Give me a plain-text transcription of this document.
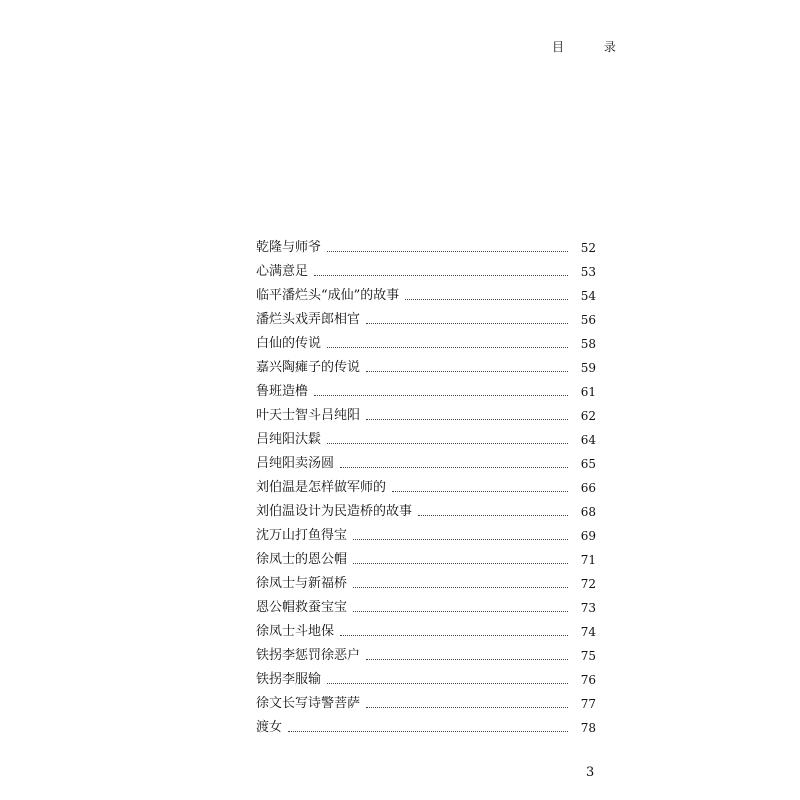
目 录
乾隆与师爷	52
心满意足	53
临平潘烂头“成仙”的故事	54
潘烂头戏弄郎相官	56
白仙的传说	58
嘉兴陶瘫子的传说	59
鲁班造橹	61
叶天士智斗吕纯阳	62
吕纯阳汏鬏	64
吕纯阳卖汤圆	65
刘伯温是怎样做军师的	66
刘伯温设计为民造桥的故事	68
沈万山打鱼得宝	69
徐凤士的恩公帽	71
徐凤士与新福桥	72
恩公帽救蚕宝宝	73
徐凤士斗地保	74
铁拐李惩罚徐恶户	75
铁拐李服输	76
徐文长写诗警菩萨	77
渡女	78
3
